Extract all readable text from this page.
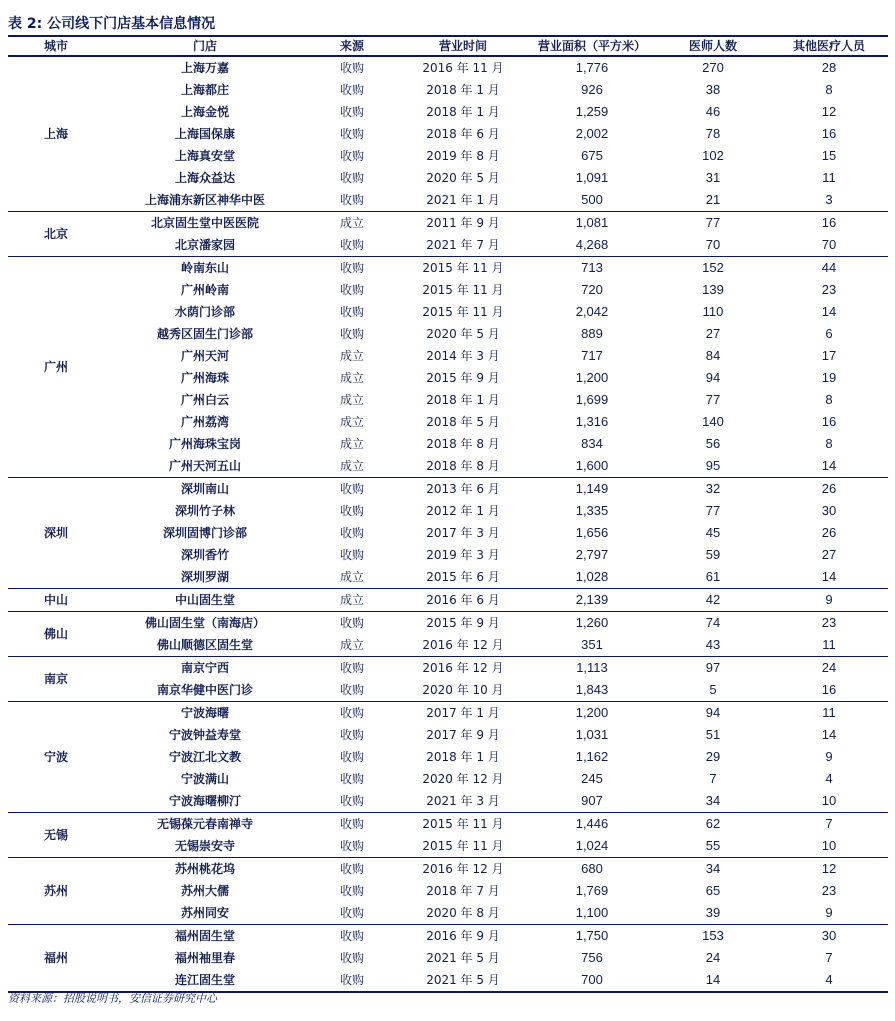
表 2: 公司线下门店基本信息情况
城市	门店	来源	营业时间	营业面积（平方米）	医师人数	其他医疗人员
上海	上海万嘉	收购	2016 年 11 月	1,776	270	28
	上海都庄	收购	2018 年 1 月	926	38	8
	上海金悦	收购	2018 年 1 月	1,259	46	12
	上海国保康	收购	2018 年 6 月	2,002	78	16
	上海真安堂	收购	2019 年 8 月	675	102	15
	上海众益达	收购	2020 年 5 月	1,091	31	11
	上海浦东新区神华中医	收购	2021 年 1 月	500	21	3
北京	北京固生堂中医医院	成立	2011 年 9 月	1,081	77	16
	北京潘家园	收购	2021 年 7 月	4,268	70	70
广州	岭南东山	收购	2015 年 11 月	713	152	44
	广州岭南	收购	2015 年 11 月	720	139	23
	水荫门诊部	收购	2015 年 11 月	2,042	110	14
	越秀区固生门诊部	收购	2020 年 5 月	889	27	6
	广州天河	成立	2014 年 3 月	717	84	17
	广州海珠	成立	2015 年 9 月	1,200	94	19
	广州白云	成立	2018 年 1 月	1,699	77	8
	广州荔湾	成立	2018 年 5 月	1,316	140	16
	广州海珠宝岗	成立	2018 年 8 月	834	56	8
	广州天河五山	成立	2018 年 8 月	1,600	95	14
深圳	深圳南山	收购	2013 年 6 月	1,149	32	26
	深圳竹子林	收购	2012 年 1 月	1,335	77	30
	深圳固博门诊部	收购	2017 年 3 月	1,656	45	26
	深圳香竹	收购	2019 年 3 月	2,797	59	27
	深圳罗湖	成立	2015 年 6 月	1,028	61	14
中山	中山固生堂	成立	2016 年 6 月	2,139	42	9
佛山	佛山固生堂（南海店）	收购	2015 年 9 月	1,260	74	23
	佛山顺德区固生堂	成立	2016 年 12 月	351	43	11
南京	南京宁西	收购	2016 年 12 月	1,113	97	24
	南京华健中医门诊	收购	2020 年 10 月	1,843	5	16
宁波	宁波海曙	收购	2017 年 1 月	1,200	94	11
	宁波钟益寿堂	收购	2017 年 9 月	1,031	51	14
	宁波江北文教	收购	2018 年 1 月	1,162	29	9
	宁波满山	收购	2020 年 12 月	245	7	4
	宁波海曙柳汀	收购	2021 年 3 月	907	34	10
无锡	无锡葆元春南禅寺	收购	2015 年 11 月	1,446	62	7
	无锡崇安寺	收购	2015 年 11 月	1,024	55	10
苏州	苏州桃花坞	收购	2016 年 12 月	680	34	12
	苏州大儒	收购	2018 年 7 月	1,769	65	23
	苏州同安	收购	2020 年 8 月	1,100	39	9
福州	福州固生堂	收购	2016 年 9 月	1,750	153	30
	福州袖里春	收购	2021 年 5 月	756	24	7
	连江固生堂	收购	2021 年 5 月	700	14	4
资料来源：招股说明书，安信证券研究中心
